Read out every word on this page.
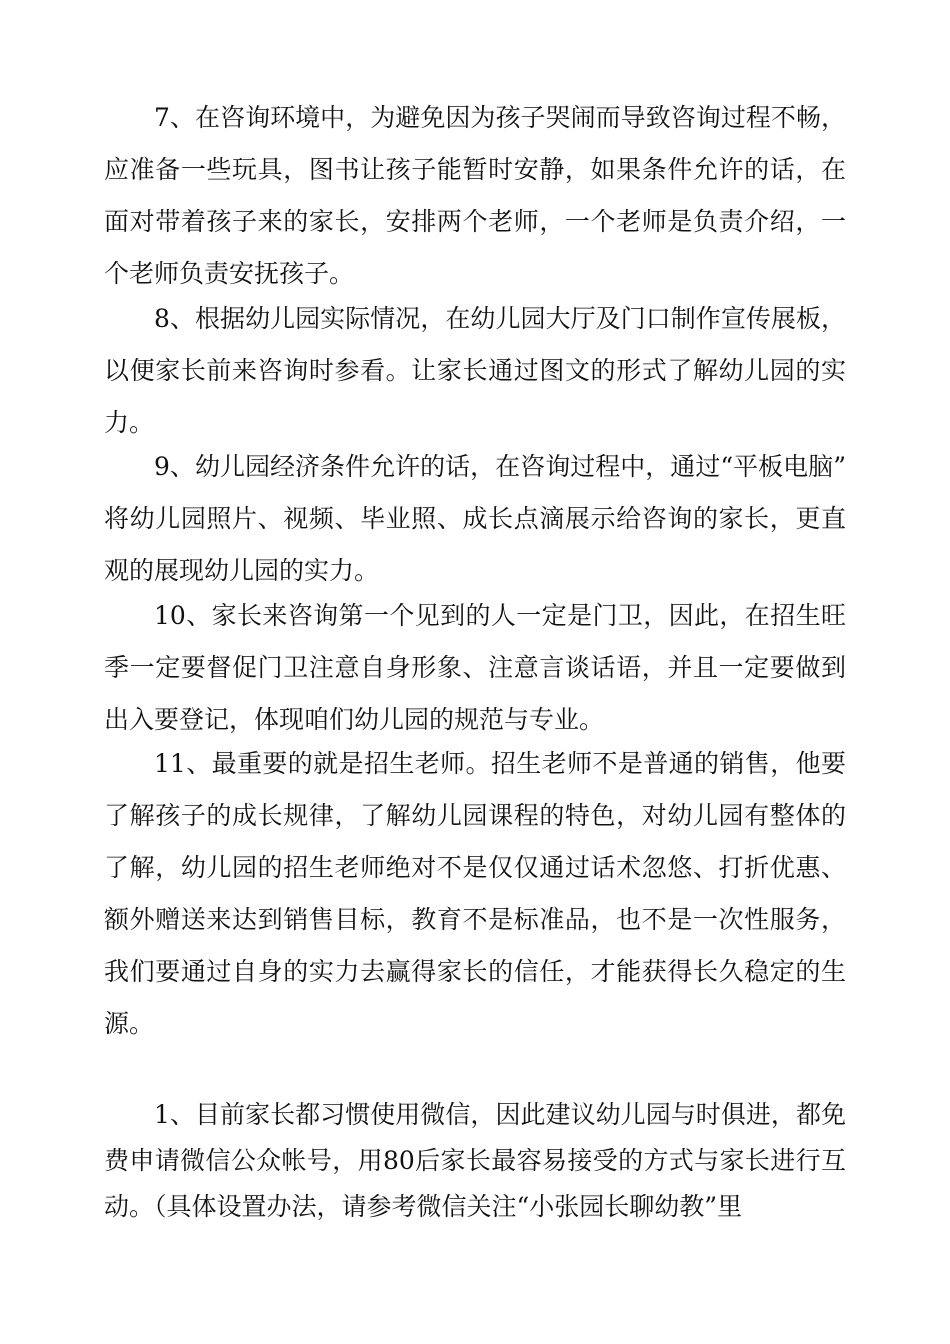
7、在咨询环境中，为避免因为孩子哭闹而导致咨询过程不畅，应准备一些玩具，图书让孩子能暂时安静，如果条件允许的话，在面对带着孩子来的家长，安排两个老师，一个老师是负责介绍，一个老师负责安抚孩子。

8、根据幼儿园实际情况，在幼儿园大厅及门口制作宣传展板，以便家长前来咨询时参看。让家长通过图文的形式了解幼儿园的实力。

9、幼儿园经济条件允许的话，在咨询过程中，通过“平板电脑”将幼儿园照片、视频、毕业照、成长点滴展示给咨询的家长，更直观的展现幼儿园的实力。

10、家长来咨询第一个见到的人一定是门卫，因此，在招生旺季一定要督促门卫注意自身形象、注意言谈话语，并且一定要做到出入要登记，体现咱们幼儿园的规范与专业。

11、最重要的就是招生老师。招生老师不是普通的销售，他要了解孩子的成长规律，了解幼儿园课程的特色，对幼儿园有整体的了解，幼儿园的招生老师绝对不是仅仅通过话术忽悠、打折优惠、额外赠送来达到销售目标，教育不是标准品，也不是一次性服务，我们要通过自身的实力去赢得家长的信任，才能获得长久稳定的生源。

1、目前家长都习惯使用微信，因此建议幼儿园与时俱进，都免费申请微信公众帐号，用80后家长最容易接受的方式与家长进行互动。（具体设置办法，请参考微信关注“小张园长聊幼教”里
